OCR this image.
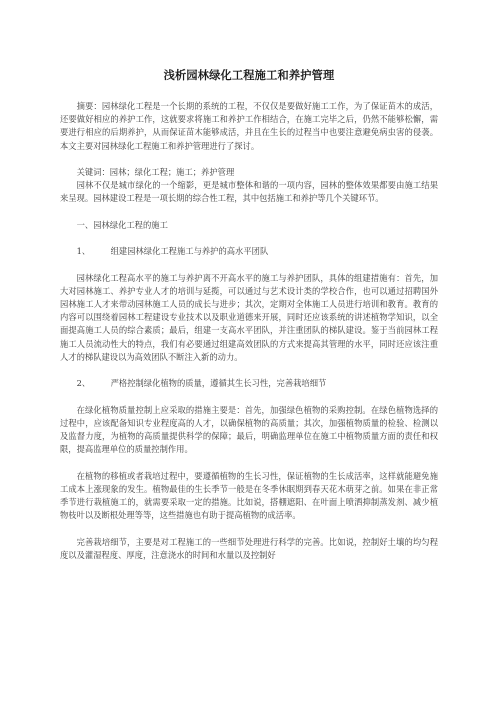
浅析园林绿化工程施工和养护管理

摘要：园林绿化工程是一个长期的系统的工程，不仅仅是要做好施工工作，为了保证苗木的成活，还要做好相应的养护工作，这就要求将施工和养护工作相结合，在施工完毕之后，仍然不能够松懈，需要进行相应的后期养护，从而保证苗木能够成活，并且在生长的过程当中也要注意避免病虫害的侵袭。本文主要对园林绿化工程施工和养护管理进行了探讨。

关键词：园林；绿化工程；施工；养护管理

园林不仅是城市绿化的一个缩影，更是城市整体和谐的一项内容，园林的整体效果都要由施工结果来呈现。园林建设工程是一项长期的综合性工程，其中包括施工和养护等几个关键环节。

一、园林绿化工程的施工

1、 组建园林绿化工程施工与养护的高水平团队

园林绿化工程高水平的施工与养护离不开高水平的施工与养护团队，具体的组建措施有：首先，加大对园林施工、养护专业人才的培训与延揽，可以通过与艺术设计类的学校合作，也可以通过招聘国外园林施工人才来带动园林施工人员的成长与进步；其次，定期对全体施工人员进行培训和教育。教育的内容可以围绕着园林工程建设专业技术以及职业道德来开展，同时还应该系统的讲述植物学知识，以全面提高施工人员的综合素质；最后，组建一支高水平团队，并注重团队的梯队建设。鉴于当前园林工程施工人员流动性大的特点，我们有必要通过组建高效团队的方式来提高其管理的水平，同时还应该注重人才的梯队建设以为高效团队不断注入新的动力。

2、 严格控制绿化植物的质量，遵循其生长习性，完善栽培细节

在绿化植物质量控制上应采取的措施主要是：首先，加强绿色植物的采购控制。在绿色植物选择的过程中，应该配备知识专业程度高的人才，以确保植物的高质量；其次，加强植物质量的检验、检测以及监督力度，为植物的高质量提供科学的保障；最后，明确监理单位在施工中植物质量方面的责任和权限，提高监理单位的质量控制作用。

在植物的移植或者栽培过程中，要遵循植物的生长习性，保证植物的生长成活率，这样就能避免施工成本上涨现象的发生。植物最佳的生长季节一般是在冬季休眠期到春天花木萌芽之前。如果在非正常季节进行栽植施工的，就需要采取一定的措施。比如说，搭棚遮阳、在叶面上喷洒抑制蒸发剂、减少植物枝叶以及断根处理等等，这些措施也有助于提高植物的成活率。

完善栽培细节，主要是对工程施工的一些细节处理进行科学的完善。比如说，控制好土壤的均匀程度以及灌湿程度、厚度，注意浇水的时间和水量以及控制好
